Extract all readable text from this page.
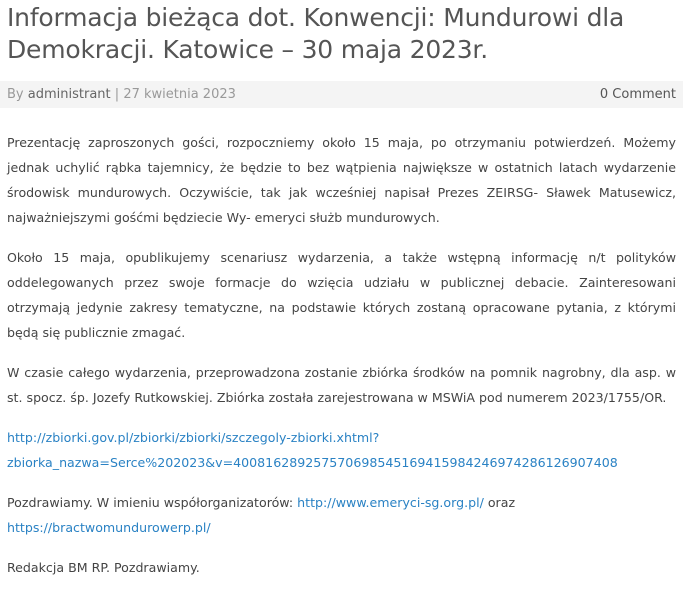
Informacja bieżąca dot. Konwencji: Mundurowi dla Demokracji. Katowice – 30 maja 2023r.
By administrant | 27 kwietnia 2023	0 Comment

Prezentację zaproszonych gości, rozpoczniemy około 15 maja, po otrzymaniu potwierdzeń. Możemy jednak uchylić rąbka tajemnicy, że będzie to bez wątpienia największe w ostatnich latach wydarzenie środowisk mundurowych. Oczywiście, tak jak wcześniej napisał Prezes ZEIRSG- Sławek Matusewicz, najważniejszymi gośćmi będziecie Wy- emeryci służb mundurowych.

Około 15 maja, opublikujemy scenariusz wydarzenia, a także wstępną informację n/t polityków oddelegowanych przez swoje formacje do wzięcia udziału w publicznej debacie. Zainteresowani otrzymają jedynie zakresy tematyczne, na podstawie których zostaną opracowane pytania, z którymi będą się publicznie zmagać.

W czasie całego wydarzenia, przeprowadzona zostanie zbiórka środków na pomnik nagrobny, dla asp. w st. spocz. śp. Jozefy Rutkowskiej. Zbiórka została zarejestrowana w MSWiA pod numerem 2023/1755/OR.

http://zbiorki.gov.pl/zbiorki/zbiorki/szczegoly-zbiorki.xhtml?
zbiorka_nazwa=Serce%202023&v=4008162892575706985451694159842469742861269074​08

Pozdrawiamy. W imieniu współorganizatorów: http://www.emeryci-sg.org.pl/ oraz
https://bractwomundurowerp.pl/

Redakcja BM RP. Pozdrawiamy.
